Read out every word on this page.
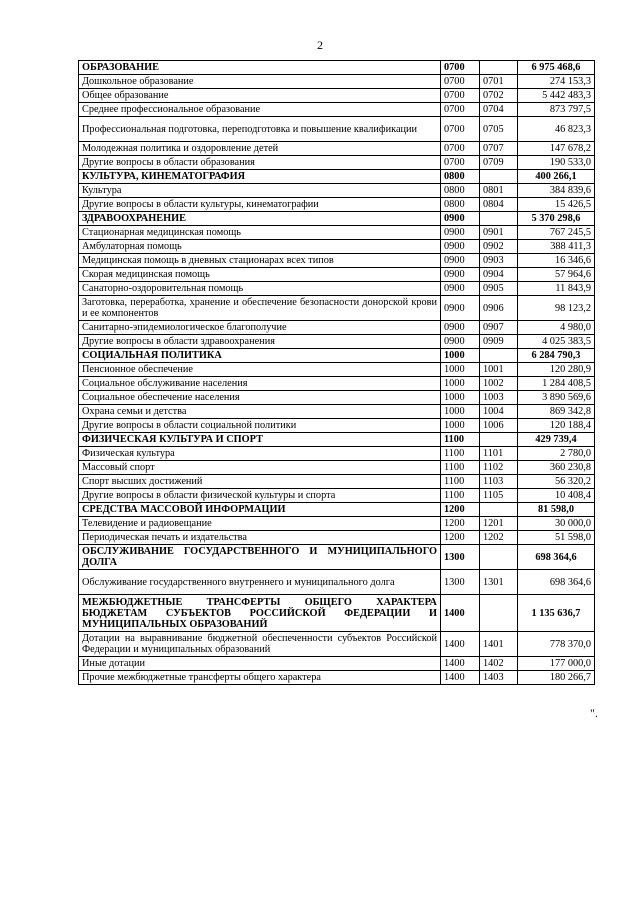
2
ОБРАЗОВАНИЕ	0700		6 975 468,6
Дошкольное образование	0700	0701	274 153,3
Общее образование	0700	0702	5 442 483,3
Среднее профессиональное образование	0700	0704	873 797,5
Профессиональная подготовка, переподготовка и повышение квалификации	0700	0705	46 823,3
Молодежная политика и оздоровление детей	0700	0707	147 678,2
Другие вопросы в области образования	0700	0709	190 533,0
КУЛЬТУРА, КИНЕМАТОГРАФИЯ	0800		400 266,1
Культура	0800	0801	384 839,6
Другие вопросы в области культуры, кинематографии	0800	0804	15 426,5
ЗДРАВООХРАНЕНИЕ	0900		5 370 298,6
Стационарная медицинская помощь	0900	0901	767 245,5
Амбулаторная помощь	0900	0902	388 411,3
Медицинская помощь в дневных стационарах всех типов	0900	0903	16 346,6
Скорая медицинская помощь	0900	0904	57 964,6
Санаторно-оздоровительная помощь	0900	0905	11 843,9
Заготовка, переработка, хранение и обеспечение безопасности донорской крови и ее компонентов	0900	0906	98 123,2
Санитарно-эпидемиологическое благополучие	0900	0907	4 980,0
Другие вопросы в области здравоохранения	0900	0909	4 025 383,5
СОЦИАЛЬНАЯ ПОЛИТИКА	1000		6 284 790,3
Пенсионное обеспечение	1000	1001	120 280,9
Социальное обслуживание населения	1000	1002	1 284 408,5
Социальное обеспечение населения	1000	1003	3 890 569,6
Охрана семьи и детства	1000	1004	869 342,8
Другие вопросы в области социальной политики	1000	1006	120 188,4
ФИЗИЧЕСКАЯ КУЛЬТУРА И СПОРТ	1100		429 739,4
Физическая культура	1100	1101	2 780,0
Массовый спорт	1100	1102	360 230,8
Спорт высших достижений	1100	1103	56 320,2
Другие вопросы в области физической культуры и спорта	1100	1105	10 408,4
СРЕДСТВА МАССОВОЙ ИНФОРМАЦИИ	1200		81 598,0
Телевидение и радиовещание	1200	1201	30 000,0
Периодическая печать и издательства	1200	1202	51 598,0
ОБСЛУЖИВАНИЕ ГОСУДАРСТВЕННОГО И МУНИЦИПАЛЬНОГО ДОЛГА	1300		698 364,6
Обслуживание государственного внутреннего и муниципального долга	1300	1301	698 364,6
МЕЖБЮДЖЕТНЫЕ ТРАНСФЕРТЫ ОБЩЕГО ХАРАКТЕРА БЮДЖЕТАМ СУБЪЕКТОВ РОССИЙСКОЙ ФЕДЕРАЦИИ И МУНИЦИПАЛЬНЫХ ОБРАЗОВАНИЙ	1400		1 135 636,7
Дотации на выравнивание бюджетной обеспеченности субъектов Российской Федерации и муниципальных образований	1400	1401	778 370,0
Иные дотации	1400	1402	177 000,0
Прочие межбюджетные трансферты общего характера	1400	1403	180 266,7
".
